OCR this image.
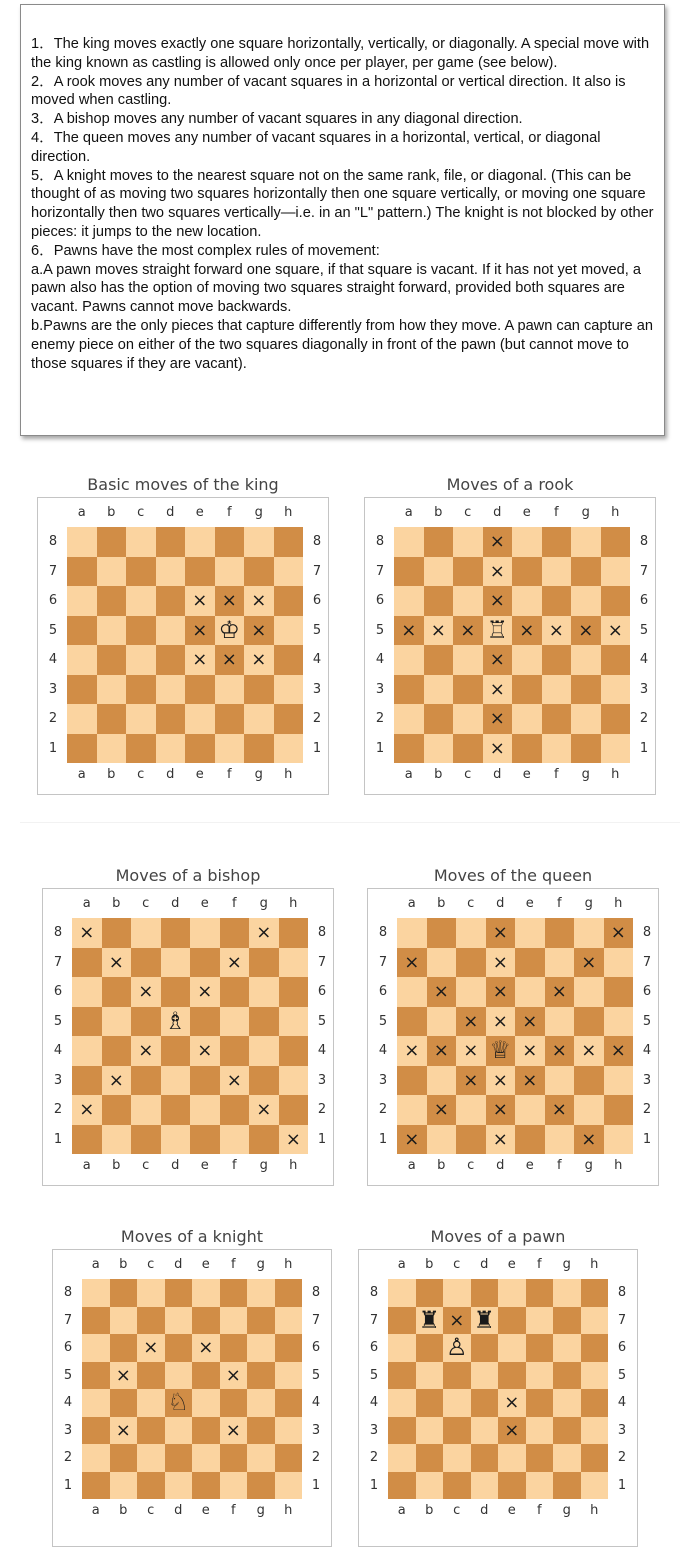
1．The king moves exactly one square horizontally, vertically, or diagonally. A special move with the king known as castling is allowed only once per player, per game (see below).

2．A rook moves any number of vacant squares in a horizontal or vertical direction. It also is moved when castling.

3．A bishop moves any number of vacant squares in any diagonal direction.

4．The queen moves any number of vacant squares in a horizontal, vertical, or diagonal direction.

5．A knight moves to the nearest square not on the same rank, file, or diagonal. (This can be thought of as moving two squares horizontally then one square vertically, or moving one square horizontally then two squares vertically—i.e. in an "L" pattern.) The knight is not blocked by other pieces: it jumps to the new location.

6．Pawns have the most complex rules of movement:

a.A pawn moves straight forward one square, if that square is vacant. If it has not yet moved, a pawn also has the option of moving two squares straight forward, provided both squares are vacant. Pawns cannot move backwards.

b.Pawns are the only pieces that capture differently from how they move. A pawn can capture an enemy piece on either of the two squares diagonally in front of the pawn (but cannot move to those squares if they are vacant).

Basic moves of the king
× × ×
× ♔ ×
× × ×
a
a
b
b
c
c
d
d
e
e
f
f
g
g
h
h
8	8
7	7
6	6
5	5
4	4
3	3
2	2
1	1
Moves of a rook
×
×
×
× × × ♖ × × × ×
×
×
×
×
a
a
b
b
c
c
d
d
e
e
f
f
g
g
h
h
8	8
7	7
6	6
5	5
4	4
3	3
2	2
1	1
Moves of a bishop
×	×
×	×
×	×
♗
×	×
×	×
×	×
×
a
a
b
b
c
c
d
d
e
e
f
f
g
g
h
h
8	8
7	7
6	6
5	5
4	4
3	3
2	2
1	1
Moves of the queen
×	×
×	×	×
×	×	×
× × ×
× × × ♕ × × × ×
× × ×
×	×	×
×	×	×
a
a
b
b
c
c
d
d
e
e
f
f
g
g
h
h
8	8
7	7
6	6
5	5
4	4
3	3
2	2
1	1
Moves of a knight
×	×
×	×
♘
×	×
a
a
b
b
c
c
d
d
e
e
f
f
g
g
h
h
8	8
7	7
6	6
5	5
4	4
3	3
2	2
1	1
Moves of a pawn
♜ × ♜
♙
×
×
a
a
b
b
c
c
d
d
e
e
f
f
g
g
h
h
8	8
7	7
6	6
5	5
4	4
3	3
2	2
1	1
